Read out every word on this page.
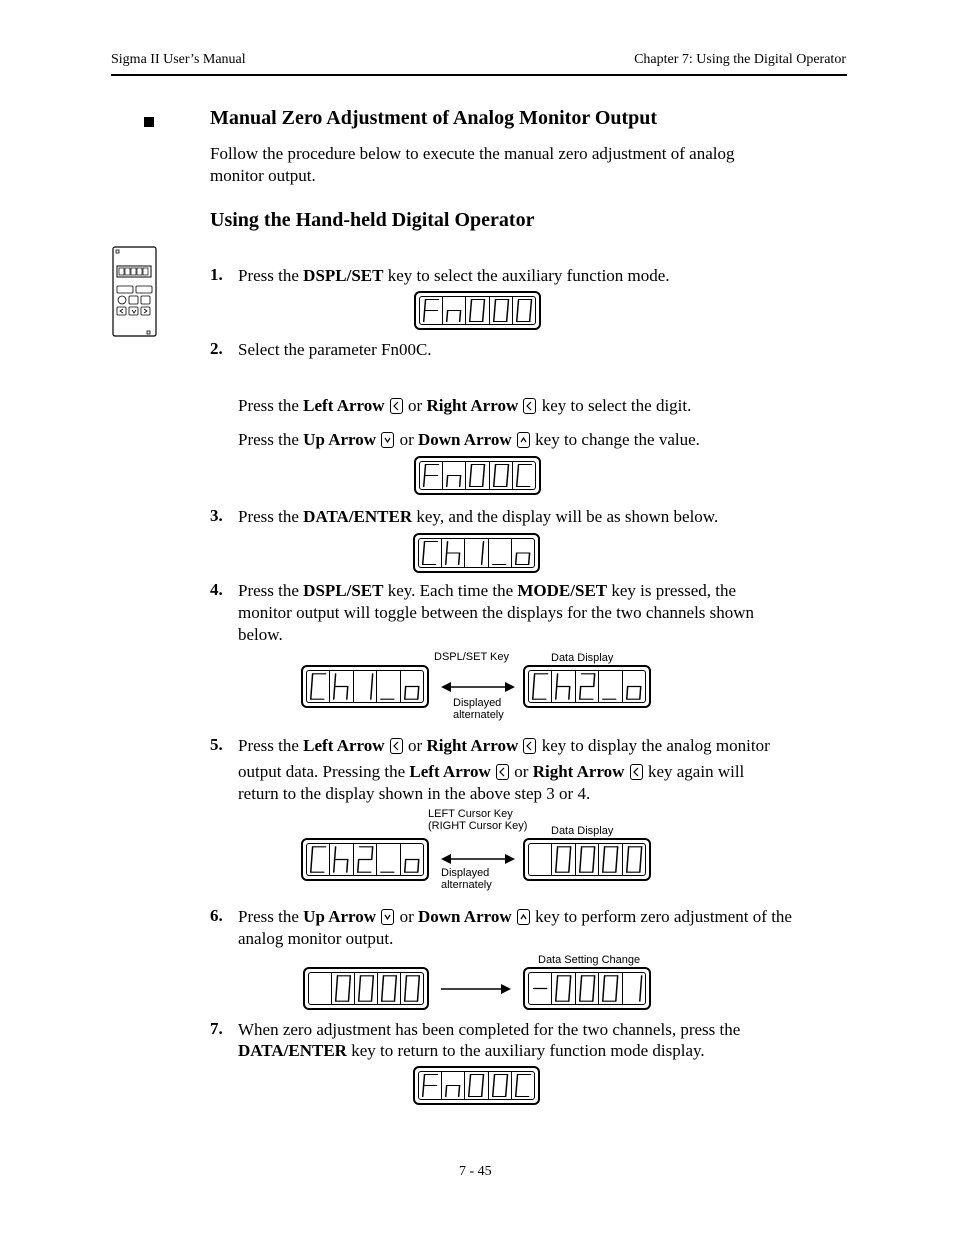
Sigma II User’s Manual	Chapter 7: Using the Digital Operator
Manual Zero Adjustment of Analog Monitor Output
Follow the procedure below to execute the manual zero adjustment of analog
monitor output.
Using the Hand-held Digital Operator
1. Press the DSPL/SET key to select the auxiliary function mode.
2. Select the parameter Fn00C.
Press the Left Arrow
or Right Arrow
key to select the digit.
Press the Up Arrow
or Down Arrow
key to change the value.
3. Press the DATA/ENTER key, and the display will be as shown below.
4. Press the DSPL/SET key. Each time the MODE/SET key is pressed, the
monitor output will toggle between the displays for the two channels shown
below.
DSPL/SET Key	Data Display
Displayed
alternately
5. Press the Left Arrow
or Right Arrow
key to display the analog monitor
output data. Pressing the Left Arrow
or Right Arrow
key again will
return to the display shown in the above step 3 or 4.
LEFT Cursor Key
(RIGHT Cursor Key) Data Display
Displayed
alternately
6. Press the Up Arrow
or Down Arrow
key to perform zero adjustment of the
analog monitor output.
Data Setting Change
7. When zero adjustment has been completed for the two channels, press the
DATA/ENTER key to return to the auxiliary function mode display.
7 - 45
